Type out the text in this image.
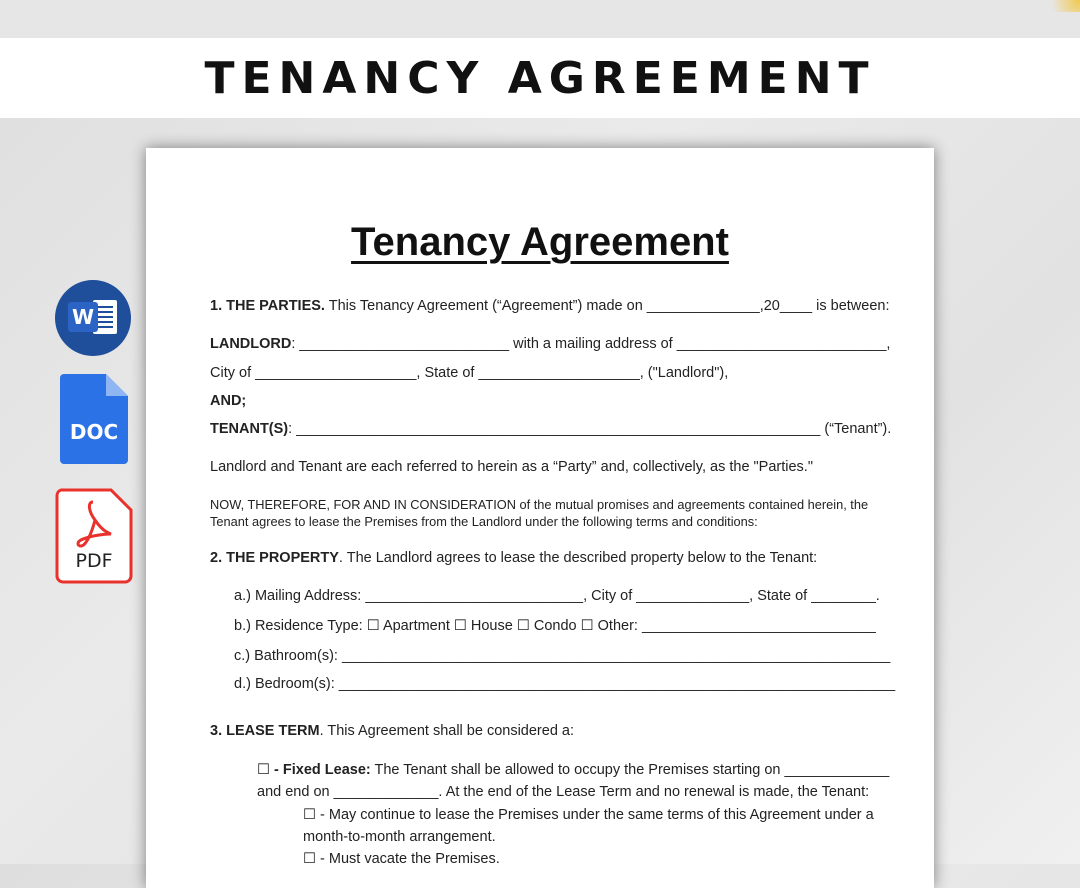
TENANCY AGREEMENT
W
DOC
PDF
Tenancy Agreement
1. THE PARTIES. This Tenancy Agreement (“Agreement”) made on ______________,20____ is between:
LANDLORD: __________________________ with a mailing address of __________________________,
City of ____________________, State of ____________________, ("Landlord"),
AND;
TENANT(S): _________________________________________________________________ (“Tenant”).
Landlord and Tenant are each referred to herein as a “Party” and, collectively, as the "Parties."
NOW, THEREFORE, FOR AND IN CONSIDERATION of the mutual promises and agreements contained herein, the
Tenant agrees to lease the Premises from the Landlord under the following terms and conditions:
2. THE PROPERTY. The Landlord agrees to lease the described property below to the Tenant:
a.) Mailing Address: ___________________________, City of ______________, State of ________.
b.) Residence Type: ☐ Apartment ☐ House ☐ Condo ☐ Other: _____________________________
c.) Bathroom(s): ____________________________________________________________________
d.) Bedroom(s): _____________________________________________________________________
3. LEASE TERM. This Agreement shall be considered a:
☐ - Fixed Lease: The Tenant shall be allowed to occupy the Premises starting on _____________
and end on _____________. At the end of the Lease Term and no renewal is made, the Tenant:
☐ - May continue to lease the Premises under the same terms of this Agreement under a
month-to-month arrangement.
☐ - Must vacate the Premises.
